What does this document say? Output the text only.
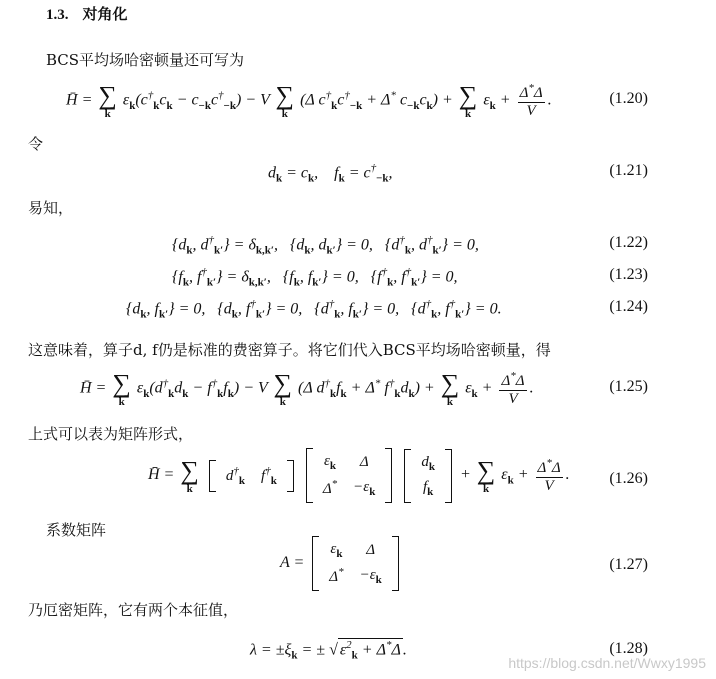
1.3. 对角化
BCS平均场哈密顿量还可写为
H̄ = ∑
k
$\varepsilon_k(c^\dagger_kc_k - c_{-k}c^\dagger_{-k}) - V$ ∑
k
(Δ $c^\dagger_kc^\dagger_{-k} + \Delta^*$ $c_{-k}c_k$) + ∑
k
$\varepsilon_k + \frac{\Delta^*\Delta}{V}$ .	(1.20)
令
$d_k = c_k$,    $f_k = c^\dagger_{-k}$,	(1.21)
易知，
{$d_k$, $d^\dagger_{k'}\} = \delta_{k,k'}$,   {$d_k$, $d_{k'}\} = 0$,   {$d^\dagger_k$, $d^\dagger_{k'}\} = 0$,	(1.22)
{$f_k$, $f^\dagger_{k'}\} = \delta_{k,k'}$,   {$f_k$, $f_{k'}\} = 0$,   {$f^\dagger_k$, $f^\dagger_{k'}\} = 0$,	(1.23)
{$d_k$, $f_{k'}\} = 0$,   {$d_k$, $f^\dagger_{k'}\} = 0$,   {$d^\dagger_k$, $f_{k'}\} = 0$,   {$d^\dagger_k$, $f^\dagger_{k'}\} = 0$.	(1.24)
这意味着，算子d, f仍是标准的费密算子。将它们代入BCS平均场哈密顿量，得
H̄ = ∑
k
$\varepsilon_k(d^\dagger_kd_k - f^\dagger_kf_k) - V$ ∑
k
(Δ $d^\dagger_kf_k + \Delta^*$ $f^\dagger_kd_k$) + ∑
k
$\varepsilon_k + \frac{\Delta^*\Delta}{V}$ .	(1.25)
上式可以表为矩阵形式，
H̄ = ∑
k

$d^\dagger_k$	$f^\dagger_k$

$\varepsilon_k$	Δ
Δ*	$-\varepsilon_k$

$d_k$
$f_k$
+ ∑
k
$\varepsilon_k + \frac{\Delta^*\Delta}{V}$ . (1.26)
系数矩阵
A =
$\varepsilon_k$	Δ
Δ*	$-\varepsilon_k$
(1.27)
乃厄密矩阵，它有两个本征值，
$\lambda = \pm\xi_k$ = ± √ $\varepsilon^2_k + \Delta^*\Delta$ .	(1.28)
https://blog.csdn.net/Wwxy1995
